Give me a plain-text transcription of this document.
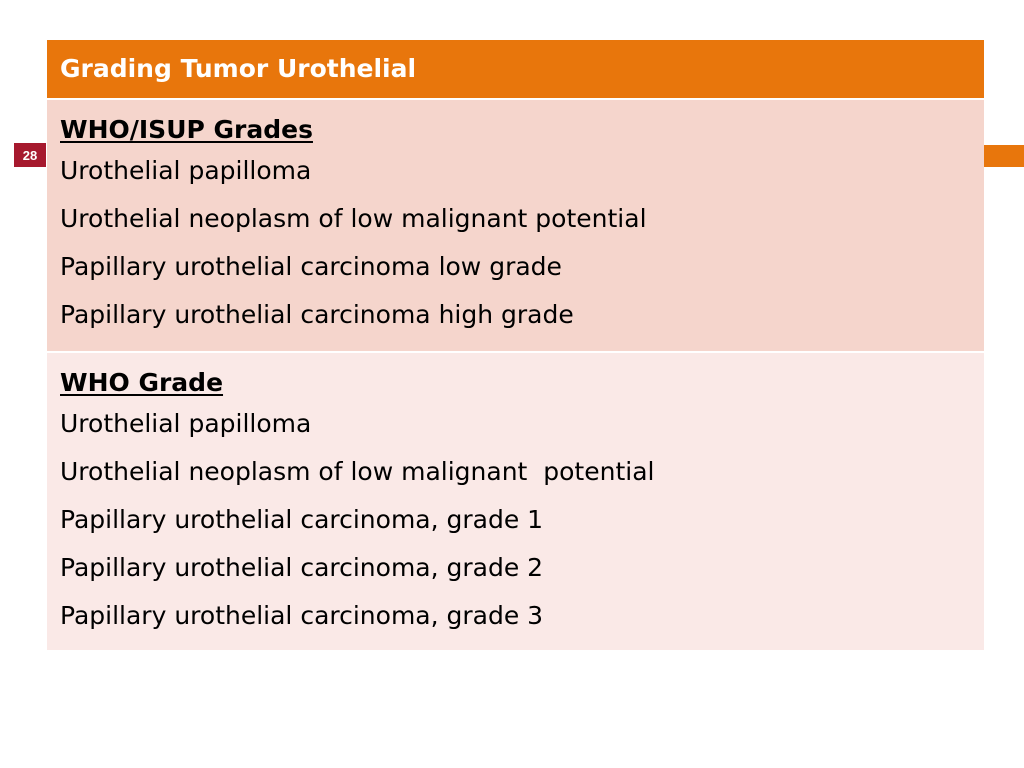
28
Grading Tumor Urothelial

WHO/ISUP Grades
Urothelial papilloma
Urothelial neoplasm of low malignant potential
Papillary urothelial carcinoma low grade
Papillary urothelial carcinoma high grade

WHO Grade
Urothelial papilloma
Urothelial neoplasm of low malignant  potential
Papillary urothelial carcinoma, grade 1
Papillary urothelial carcinoma, grade 2
Papillary urothelial carcinoma, grade 3
